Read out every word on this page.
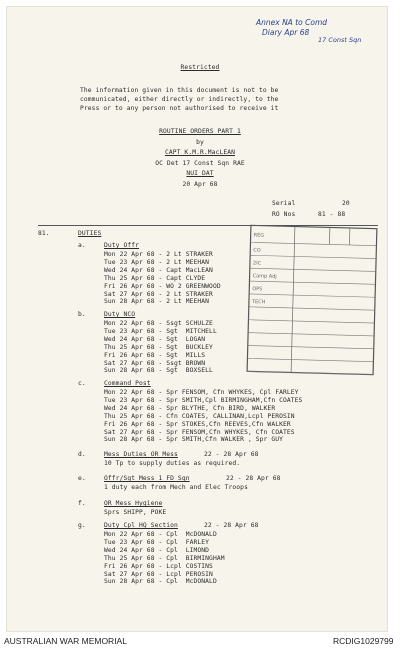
Annex NA to Comd
Diary Apr 68
17 Const Sqn
Restricted
The information given in this document is not to be
communicated, either directly or indirectly, to the
Press or to any person not authorised to receive it
ROUTINE ORDERS PART 1
by
CAPT K.M.R.MacLEAN
OC Det 17 Const Sqn RAE
NUI DAT
20 Apr 68
Serial	20
RO Nos	81 - 88
81.	DUTIES	REG
CO
2IC
Camp Adj
OPS
TECH
a.	Duty Offr
Mon 22 Apr 68 - 2 Lt STRAKER
Tue 23 Apr 68 - 2 Lt MEEHAN
Wed 24 Apr 68 - Capt MacLEAN
Thu 25 Apr 68 - Capt CLYDE
Fri 26 Apr 68 - WO 2 GREENWOOD
Sat 27 Apr 68 - 2 Lt STRAKER
Sun 28 Apr 68 - 2 Lt MEEHAN
b.	Duty NCO
Mon 22 Apr 68 - Ssgt SCHULZE
Tue 23 Apr 68 - Sgt  MITCHELL
Wed 24 Apr 68 - Sgt  LOGAN
Thu 25 Apr 68 - Sgt  BUCKLEY
Fri 26 Apr 68 - Sgt  MILLS
Sat 27 Apr 68 - Ssgt BROWN
Sun 28 Apr 68 - Sgt  BOXSELL
c.	Command Post
Mon 22 Apr 68 - Spr FENSOM, Cfn WHYKES, Cpl FARLEY
Tue 23 Apr 68 - Spr SMITH,Cpl BIRMINGHAM,Cfn COATES
Wed 24 Apr 68 - Spr BLYTHE, Cfn BIRD, WALKER
Thu 25 Apr 68 - Cfn COATES, CALLINAN,Lcpl PEROSIN
Fri 26 Apr 68 - Spr STOKES,Cfn REEVES,Cfn WALKER
Sat 27 Apr 68 - Spr FENSOM,Cfn WHYKES, Cfn COATES
Sun 28 Apr 68 - Spr SMITH,Cfn WALKER , Spr GUY
d.	Mess Duties OR Mess	22 - 28 Apr 68
10 Tp to supply duties as required.
e.	Offr/Sgt Mess 1 FD Sqn	22 - 28 Apr 68
1 duty each from Mech and Elec Troops
f.	OR Mess Hygiene
Sprs SHIPP, POKE
g.	Duty Cpl HQ Section	22 - 28 Apr 68
Mon 22 Apr 68 - Cpl  McDONALD
Tue 23 Apr 68 - Cpl  FARLEY
Wed 24 Apr 68 - Cpl  LIMOND
Thu 25 Apr 68 - Cpl  BIRMINGHAM
Fri 26 Apr 68 - Lcpl COSTINS
Sat 27 Apr 68 - Lcpl PEROSIN
Sun 28 Apr 68 - Cpl  McDONALD
AUSTRALIAN WAR MEMORIAL	RCDIG1029799
